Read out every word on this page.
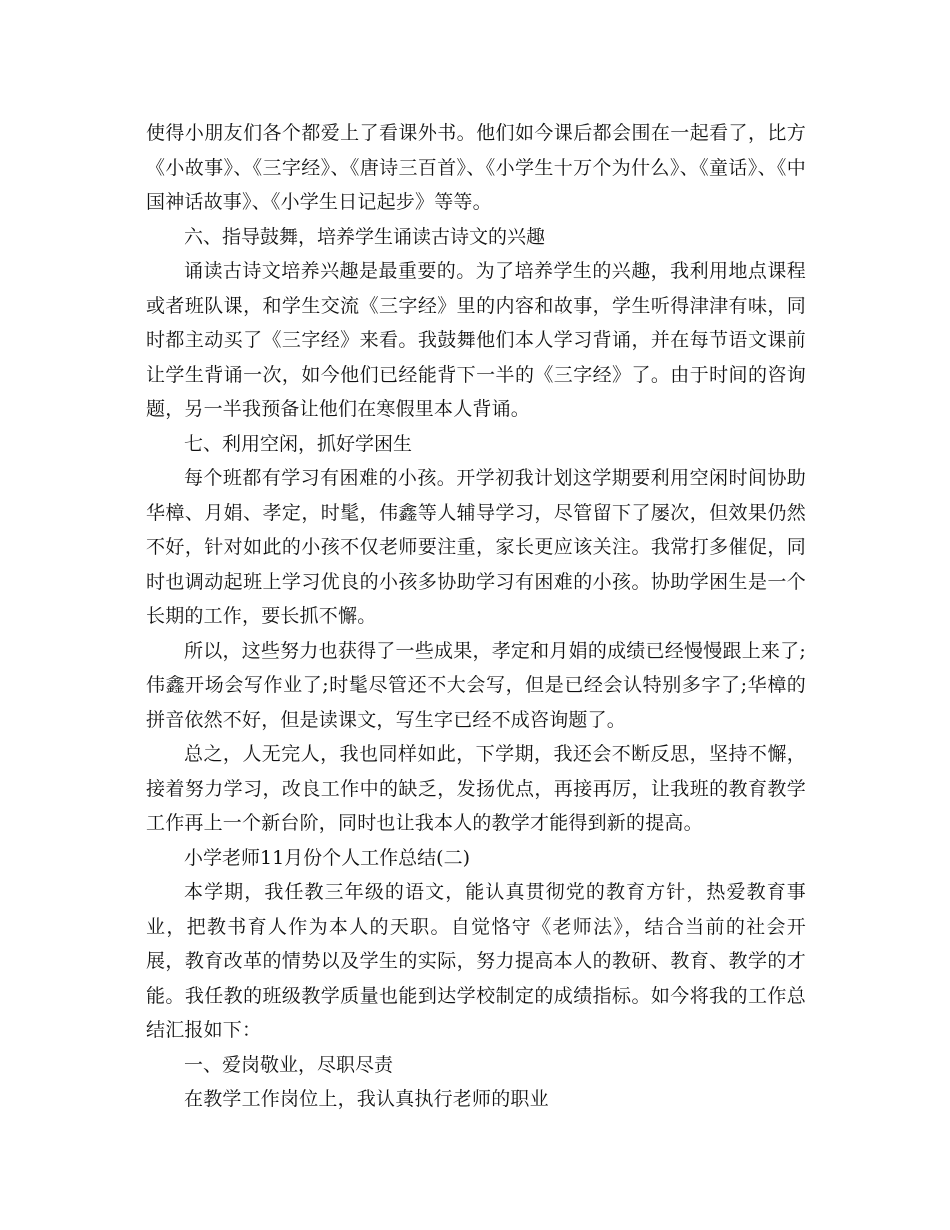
使得小朋友们各个都爱上了看课外书。他们如今课后都会围在一起看了，比方《小故事》、《三字经》、《唐诗三百首》、《小学生十万个为什么》、《童话》、《中国神话故事》、《小学生日记起步》等等。

六、指导鼓舞，培养学生诵读古诗文的兴趣

诵读古诗文培养兴趣是最重要的。为了培养学生的兴趣，我利用地点课程或者班队课，和学生交流《三字经》里的内容和故事，学生听得津津有味，同时都主动买了《三字经》来看。我鼓舞他们本人学习背诵，并在每节语文课前让学生背诵一次，如今他们已经能背下一半的《三字经》了。由于时间的咨询题，另一半我预备让他们在寒假里本人背诵。

七、利用空闲，抓好学困生

每个班都有学习有困难的小孩。开学初我计划这学期要利用空闲时间协助华樟、月娟、孝定，时髦，伟鑫等人辅导学习，尽管留下了屡次，但效果仍然不好，针对如此的小孩不仅老师要注重，家长更应该关注。我常打多催促，同时也调动起班上学习优良的小孩多协助学习有困难的小孩。协助学困生是一个长期的工作，要长抓不懈。

所以，这些努力也获得了一些成果，孝定和月娟的成绩已经慢慢跟上来了;伟鑫开场会写作业了;时髦尽管还不大会写，但是已经会认特别多字了;华樟的拼音依然不好，但是读课文，写生字已经不成咨询题了。

总之，人无完人，我也同样如此，下学期，我还会不断反思，坚持不懈，接着努力学习，改良工作中的缺乏，发扬优点，再接再厉，让我班的教育教学工作再上一个新台阶，同时也让我本人的教学才能得到新的提高。

小学老师11月份个人工作总结(二)

本学期，我任教三年级的语文，能认真贯彻党的教育方针，热爱教育事业，把教书育人作为本人的天职。自觉恪守《老师法》，结合当前的社会开展，教育改革的情势以及学生的实际，努力提高本人的教研、教育、教学的才能。我任教的班级教学质量也能到达学校制定的成绩指标。如今将我的工作总结汇报如下：

一、爱岗敬业，尽职尽责

在教学工作岗位上，我认真执行老师的职业
